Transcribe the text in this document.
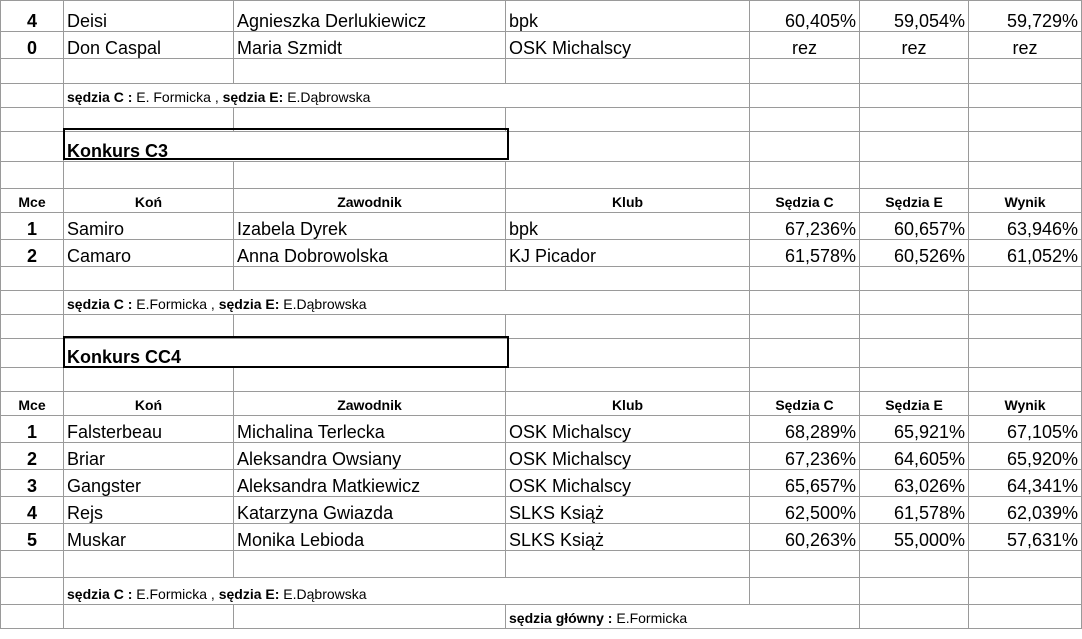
4	Deisi	Agnieszka Derlukiewicz	bpk	60,405%	59,054%	59,729%
0	Don Caspal	Maria Szmidt	OSK Michalscy	rez	rez	rez

	sędzia C : E. Formicka , sędzia E: E.Dąbrowska					

	Konkurs C3					

Mce	Koń	Zawodnik	Klub	Sędzia C	Sędzia E	Wynik
1	Samiro	Izabela Dyrek	bpk	67,236%	60,657%	63,946%
2	Camaro	Anna Dobrowolska	KJ Picador	61,578%	60,526%	61,052%

	sędzia C : E.Formicka , sędzia E: E.Dąbrowska					

	Konkurs CC4					

Mce	Koń	Zawodnik	Klub	Sędzia C	Sędzia E	Wynik
1	Falsterbeau	Michalina Terlecka	OSK Michalscy	68,289%	65,921%	67,105%
2	Briar	Aleksandra Owsiany	OSK Michalscy	67,236%	64,605%	65,920%
3	Gangster	Aleksandra Matkiewicz	OSK Michalscy	65,657%	63,026%	64,341%
4	Rejs	Katarzyna Gwiazda	SLKS Książ	62,500%	61,578%	62,039%
5	Muskar	Monika Lebioda	SLKS Książ	60,263%	55,000%	57,631%

	sędzia C : E.Formicka , sędzia E: E.Dąbrowska					
			sędzia główny : E.Formicka			
